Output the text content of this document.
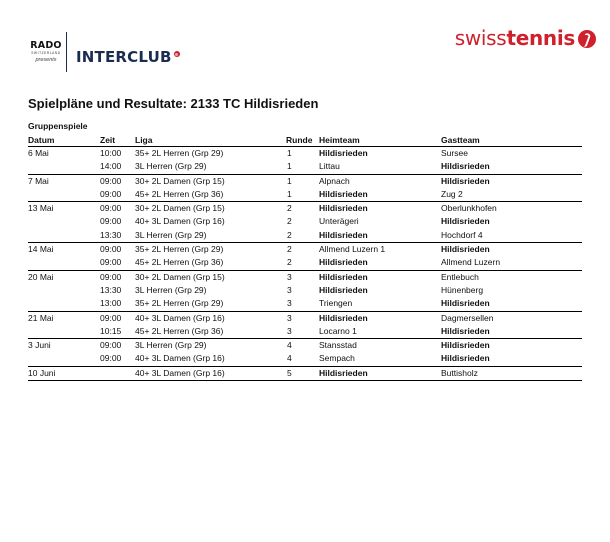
RADO
SWITZERLAND
presents	INTERCLUB
swisstennis
Spielpläne und Resultate: 2133 TC Hildisrieden
Gruppenspiele
Datum	Zeit Liga	Runde Heimteam	Gastteam
6 Mai	10:00 35+ 2L Herren (Grp 29)	1	Hildisrieden	Sursee
14:00 3L Herren (Grp 29)	1	Littau	Hildisrieden
7 Mai	09:00 30+ 2L Damen (Grp 15)	1	Alpnach	Hildisrieden
09:00 45+ 2L Herren (Grp 36)	1	Hildisrieden	Zug 2
13 Mai	09:00 30+ 2L Damen (Grp 15)	2	Hildisrieden	Oberlunkhofen
09:00 40+ 3L Damen (Grp 16)	2	Unterägeri	Hildisrieden
13:30 3L Herren (Grp 29)	2	Hildisrieden	Hochdorf 4
14 Mai	09:00 35+ 2L Herren (Grp 29)	2	Allmend Luzern 1	Hildisrieden
09:00 45+ 2L Herren (Grp 36)	2	Hildisrieden	Allmend Luzern
20 Mai	09:00 30+ 2L Damen (Grp 15)	3	Hildisrieden	Entlebuch
13:30 3L Herren (Grp 29)	3	Hildisrieden	Hünenberg
13:00 35+ 2L Herren (Grp 29)	3	Triengen	Hildisrieden
21 Mai	09:00 40+ 3L Damen (Grp 16)	3	Hildisrieden	Dagmersellen
10:15 45+ 2L Herren (Grp 36)	3	Locarno 1	Hildisrieden
3 Juni	09:00 3L Herren (Grp 29)	4	Stansstad	Hildisrieden
09:00 40+ 3L Damen (Grp 16)	4	Sempach	Hildisrieden
10 Juni	40+ 3L Damen (Grp 16)	5	Hildisrieden	Buttisholz
